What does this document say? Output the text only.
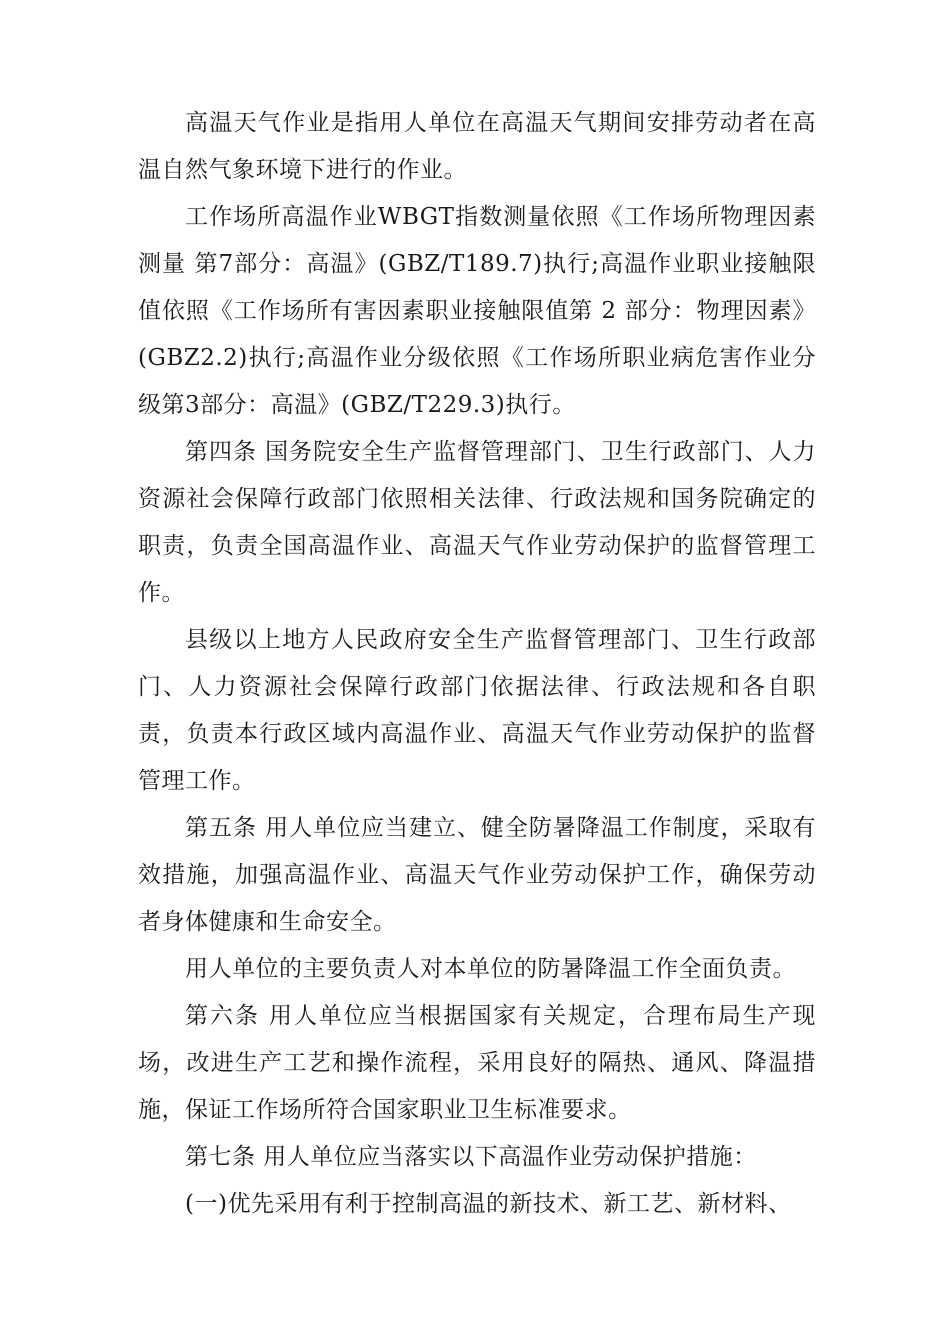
高温天气作业是指用人单位在高温天气期间安排劳动者在高温自然气象环境下进行的作业。

工作场所高温作业WBGT指数测量依照《工作场所物理因素测量 第7部分：高温》(GBZ/T189.7)执行;高温作业职业接触限值依照《工作场所有害因素职业接触限值第 2 部分：物理因素》(GBZ2.2)执行;高温作业分级依照《工作场所职业病危害作业分级第3部分：高温》(GBZ/T229.3)执行。

第四条 国务院安全生产监督管理部门、卫生行政部门、人力资源社会保障行政部门依照相关法律、行政法规和国务院确定的职责，负责全国高温作业、高温天气作业劳动保护的监督管理工作。

县级以上地方人民政府安全生产监督管理部门、卫生行政部门、人力资源社会保障行政部门依据法律、行政法规和各自职责，负责本行政区域内高温作业、高温天气作业劳动保护的监督管理工作。

第五条 用人单位应当建立、健全防暑降温工作制度，采取有效措施，加强高温作业、高温天气作业劳动保护工作，确保劳动者身体健康和生命安全。

用人单位的主要负责人对本单位的防暑降温工作全面负责。

第六条 用人单位应当根据国家有关规定，合理布局生产现场，改进生产工艺和操作流程，采用良好的隔热、通风、降温措施，保证工作场所符合国家职业卫生标准要求。

第七条 用人单位应当落实以下高温作业劳动保护措施：

(一)优先采用有利于控制高温的新技术、新工艺、新材料、
